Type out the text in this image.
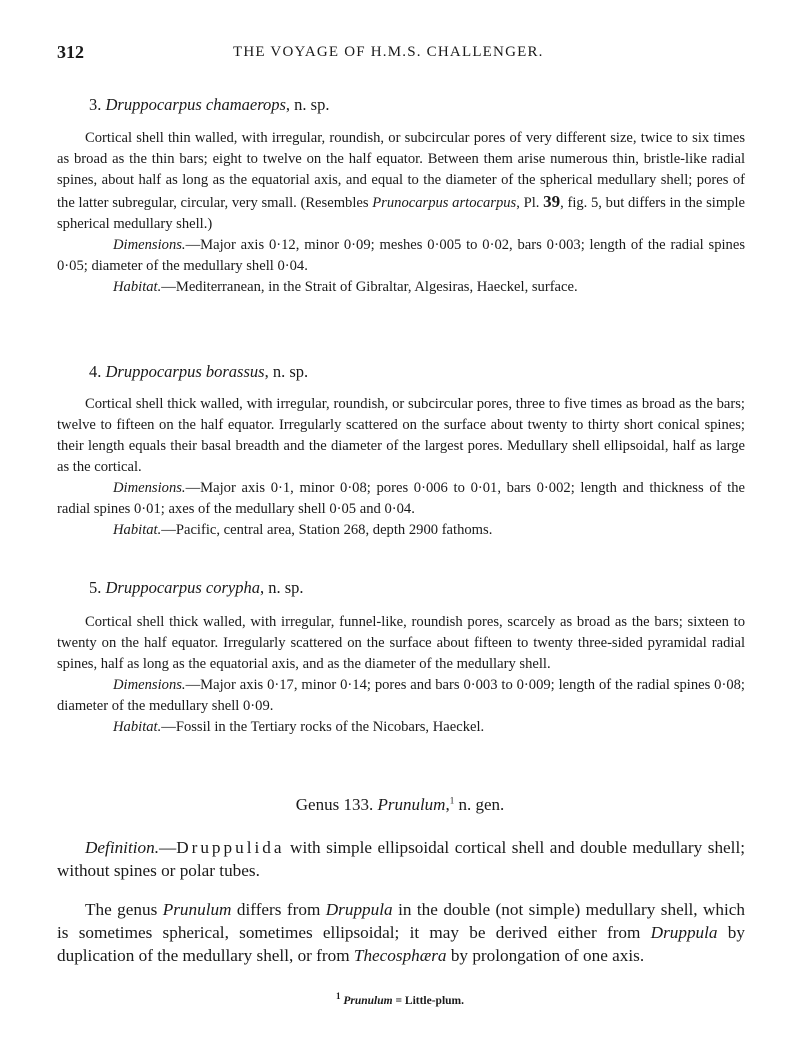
312	THE VOYAGE OF H.M.S. CHALLENGER.
3. Druppocarpus chamaerops, n. sp.

Cortical shell thin walled, with irregular, roundish, or subcircular pores of very different size, twice to six times as broad as the thin bars; eight to twelve on the half equator. Between them arise numerous thin, bristle-like radial spines, about half as long as the equatorial axis, and equal to the diameter of the spherical medullary shell; pores of the latter subregular, circular, very small. (Resembles Prunocarpus artocarpus, Pl. 39, fig. 5, but differs in the simple spherical medullary shell.)

Dimensions.—Major axis 0·12, minor 0·09; meshes 0·005 to 0·02, bars 0·003; length of the radial spines 0·05; diameter of the medullary shell 0·04.

Habitat.—Mediterranean, in the Strait of Gibraltar, Algesiras, Haeckel, surface.

4. Druppocarpus borassus, n. sp.

Cortical shell thick walled, with irregular, roundish, or subcircular pores, three to five times as broad as the bars; twelve to fifteen on the half equator. Irregularly scattered on the surface about twenty to thirty short conical spines; their length equals their basal breadth and the diameter of the largest pores. Medullary shell ellipsoidal, half as large as the cortical.

Dimensions.—Major axis 0·1, minor 0·08; pores 0·006 to 0·01, bars 0·002; length and thickness of the radial spines 0·01; axes of the medullary shell 0·05 and 0·04.

Habitat.—Pacific, central area, Station 268, depth 2900 fathoms.

5. Druppocarpus corypha, n. sp.

Cortical shell thick walled, with irregular, funnel-like, roundish pores, scarcely as broad as the bars; sixteen to twenty on the half equator. Irregularly scattered on the surface about fifteen to twenty three-sided pyramidal radial spines, half as long as the equatorial axis, and as the diameter of the medullary shell.

Dimensions.—Major axis 0·17, minor 0·14; pores and bars 0·003 to 0·009; length of the radial spines 0·08; diameter of the medullary shell 0·09.

Habitat.—Fossil in the Tertiary rocks of the Nicobars, Haeckel.

Genus 133. Prunulum,$^1$ n. gen.
Definition.—Druppulida with simple ellipsoidal cortical shell and double medullary shell; without spines or polar tubes.
The genus Prunulum differs from Druppula in the double (not simple) medullary shell, which is sometimes spherical, sometimes ellipsoidal; it may be derived either from Druppula by duplication of the medullary shell, or from Thecosphæra by prolongation of one axis.
$^1$ Prunulum = Little-plum.
